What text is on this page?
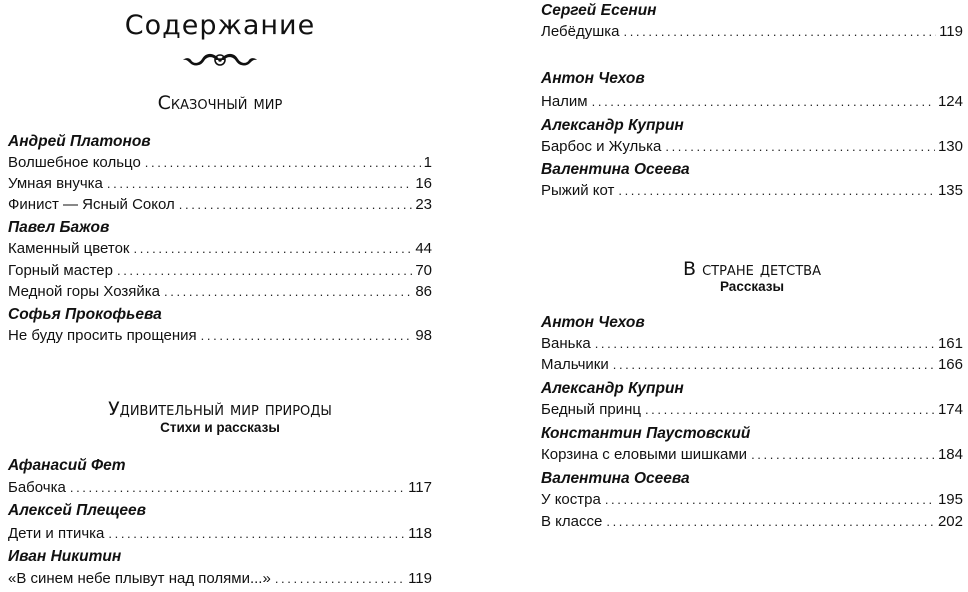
Содержание
Сказочный мир
Андрей Платонов
Волшебное кольцо . . .	1
Умная внучка . . .	16
Финист — Ясный Сокол . . .	23
Павел Бажов
Каменный цветок . . .	44
Горный мастер . . .	70
Медной горы Хозяйка . . .	86
Софья Прокофьева
Не буду просить прощения . . .	98
Удивительный мир природы
Стихи и рассказы
Афанасий Фет
Бабочка . . .	117
Алексей Плещеев
Дети и птичка . . .	118
Иван Никитин
«В синем небе плывут над полями...» . . .	119
Сергей Есенин
Лебёдушка . . .	119
Антон Чехов
Налим . . .	124
Александр Куприн
Барбос и Жулька . . .	130
Валентина Осеева
Рыжий кот . . .	135
В стране детства
Рассказы
Антон Чехов
Ванька . . .	161
Мальчики . . .	166
Александр Куприн
Бедный принц . . .	174
Константин Паустовский
Корзина с еловыми шишками . . .	184
Валентина Осеева
У костра . . .	195
В классе . . .	202
